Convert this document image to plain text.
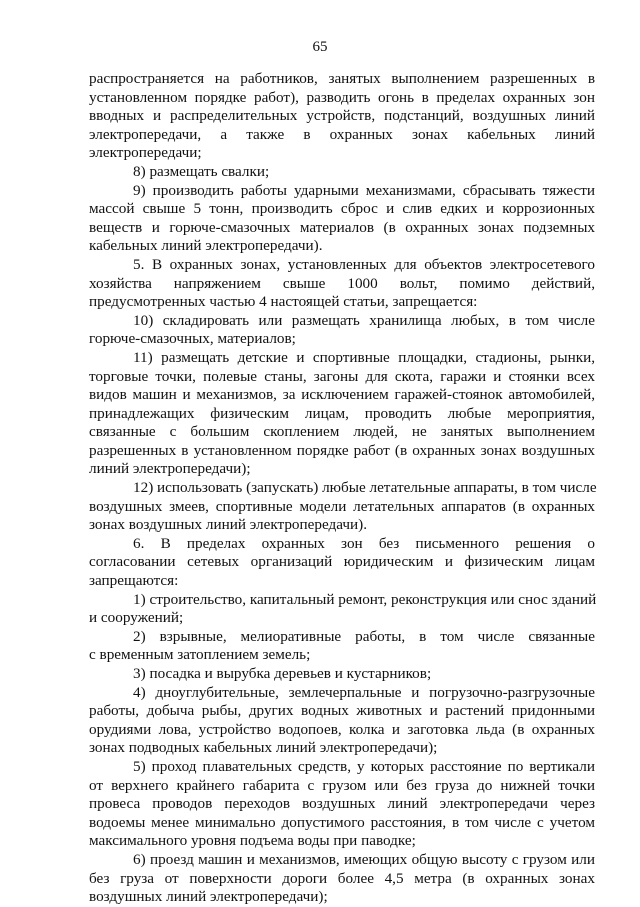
65
распространяется на работников, занятых выполнением разрешенных в
установленном порядке работ), разводить огонь в пределах охранных зон
вводных и распределительных устройств, подстанций, воздушных линий
электропередачи, а также в охранных зонах кабельных линий
электропередачи;
8) размещать свалки;
9) производить работы ударными механизмами, сбрасывать тяжести
массой свыше 5 тонн, производить сброс и слив едких и коррозионных
веществ и горюче-смазочных материалов (в охранных зонах подземных
кабельных линий электропередачи).
5. В охранных зонах, установленных для объектов электросетевого
хозяйства напряжением свыше 1000 вольт, помимо действий,
предусмотренных частью 4 настоящей статьи, запрещается:
10) складировать или размещать хранилища любых, в том числе
горюче-смазочных, материалов;
11) размещать детские и спортивные площадки, стадионы, рынки,
торговые точки, полевые станы, загоны для скота, гаражи и стоянки всех
видов машин и механизмов, за исключением гаражей-стоянок автомобилей,
принадлежащих физическим лицам, проводить любые мероприятия,
связанные с большим скоплением людей, не занятых выполнением
разрешенных в установленном порядке работ (в охранных зонах воздушных
линий электропередачи);
12) использовать (запускать) любые летательные аппараты, в том числе
воздушных змеев, спортивные модели летательных аппаратов (в охранных
зонах воздушных линий электропередачи).
6. В пределах охранных зон без письменного решения о
согласовании сетевых организаций юридическим и физическим лицам
запрещаются:
1) строительство, капитальный ремонт, реконструкция или снос зданий
и сооружений;
2) взрывные, мелиоративные работы, в том числе связанные
с временным затоплением земель;
3) посадка и вырубка деревьев и кустарников;
4) дноуглубительные, землечерпальные и погрузочно-разгрузочные
работы, добыча рыбы, других водных животных и растений придонными
орудиями лова, устройство водопоев, колка и заготовка льда (в охранных
зонах подводных кабельных линий электропередачи);
5) проход плавательных средств, у которых расстояние по вертикали
от верхнего крайнего габарита с грузом или без груза до нижней точки
провеса проводов переходов воздушных линий электропередачи через
водоемы менее минимально допустимого расстояния, в том числе с учетом
максимального уровня подъема воды при паводке;
6) проезд машин и механизмов, имеющих общую высоту с грузом или
без груза от поверхности дороги более 4,5 метра (в охранных зонах
воздушных линий электропередачи);
